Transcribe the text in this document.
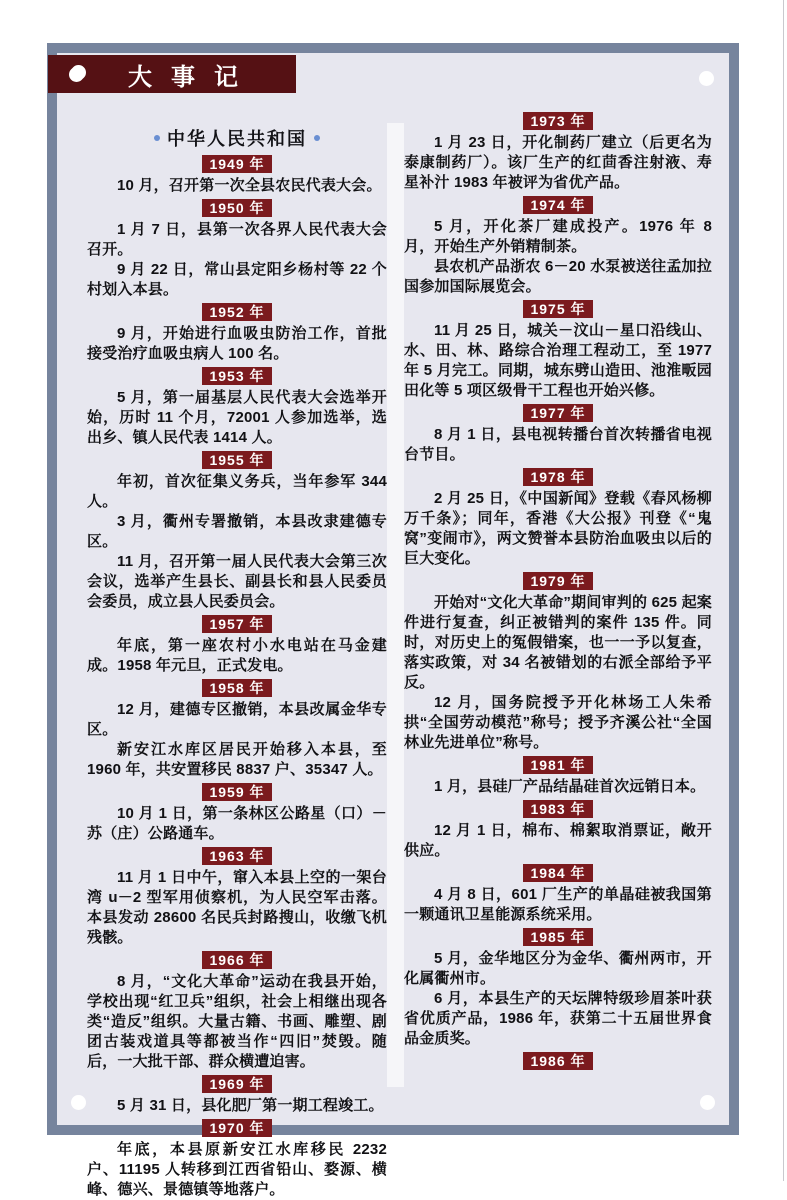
大事记
中华人民共和国
1949 年

10 月，召开第一次全县农民代表大会。

1950 年

1 月 7 日，县第一次各界人民代表大会召开。

9 月 22 日，常山县定阳乡杨村等 22 个村划入本县。

1952 年

9 月，开始进行血吸虫防治工作，首批接受治疗血吸虫病人 100 名。

1953 年

5 月，第一届基层人民代表大会选举开始，历时 11 个月，72001 人参加选举，选出乡、镇人民代表 1414 人。

1955 年

年初，首次征集义务兵，当年参军 344 人。

3 月，衢州专署撤销，本县改隶建德专区。

11 月，召开第一届人民代表大会第三次会议，选举产生县长、副县长和县人民委员会委员，成立县人民委员会。

1957 年

年底，第一座农村小水电站在马金建成。1958 年元旦，正式发电。

1958 年

12 月，建德专区撤销，本县改属金华专区。

新安江水库区居民开始移入本县，至 1960 年，共安置移民 8837 户、35347 人。

1959 年

10 月 1 日，第一条林区公路星（口）－苏（庄）公路通车。

1963 年

11 月 1 日中午，窜入本县上空的一架台湾 u－2 型军用侦察机，为人民空军击落。本县发动 28600 名民兵封路搜山，收缴飞机残骸。

1966 年

8 月，“文化大革命”运动在我县开始，学校出现“红卫兵”组织，社会上相继出现各类“造反”组织。大量古籍、书画、雕塑、剧团古装戏道具等都被当作“四旧”焚毁。随后，一大批干部、群众横遭迫害。

1969 年

5 月 31 日，县化肥厂第一期工程竣工。

1970 年

年底，本县原新安江水库移民 2232 户、11195 人转移到江西省铅山、婺源、横峰、德兴、景德镇等地落户。

1973 年

1 月 23 日，开化制药厂建立（后更名为泰康制药厂）。该厂生产的红茴香注射液、寿星补汁 1983 年被评为省优产品。

1974 年

5 月，开化茶厂建成投产。1976 年 8 月，开始生产外销精制茶。

县农机产品浙农 6－20 水泵被送往孟加拉国参加国际展览会。

1975 年

11 月 25 日，城关－汶山－星口沿线山、水、田、林、路综合治理工程动工，至 1977 年 5 月完工。同期，城东劈山造田、池淮畈园田化等 5 项区级骨干工程也开始兴修。

1977 年

8 月 1 日，县电视转播台首次转播省电视台节目。

1978 年

2 月 25 日，《中国新闻》登载《春风杨柳万千条》；同年，香港《大公报》刊登《“鬼窝”变闹市》，两文赞誉本县防治血吸虫以后的巨大变化。

1979 年

开始对“文化大革命”期间审判的 625 起案件进行复查，纠正被错判的案件 135 件。同时，对历史上的冤假错案，也一一予以复查，落实政策，对 34 名被错划的右派全部给予平反。

12 月，国务院授予开化林场工人朱希拱“全国劳动模范”称号；授予齐溪公社“全国林业先进单位”称号。

1981 年

1 月，县硅厂产品结晶硅首次远销日本。

1983 年

12 月 1 日，棉布、棉絮取消票证，敞开供应。

1984 年

4 月 8 日，601 厂生产的单晶硅被我国第一颗通讯卫星能源系统采用。

1985 年

5 月，金华地区分为金华、衢州两市，开化属衢州市。

6 月，本县生产的天坛牌特级珍眉茶叶获省优质产品，1986 年，获第二十五届世界食品金质奖。

1986 年
